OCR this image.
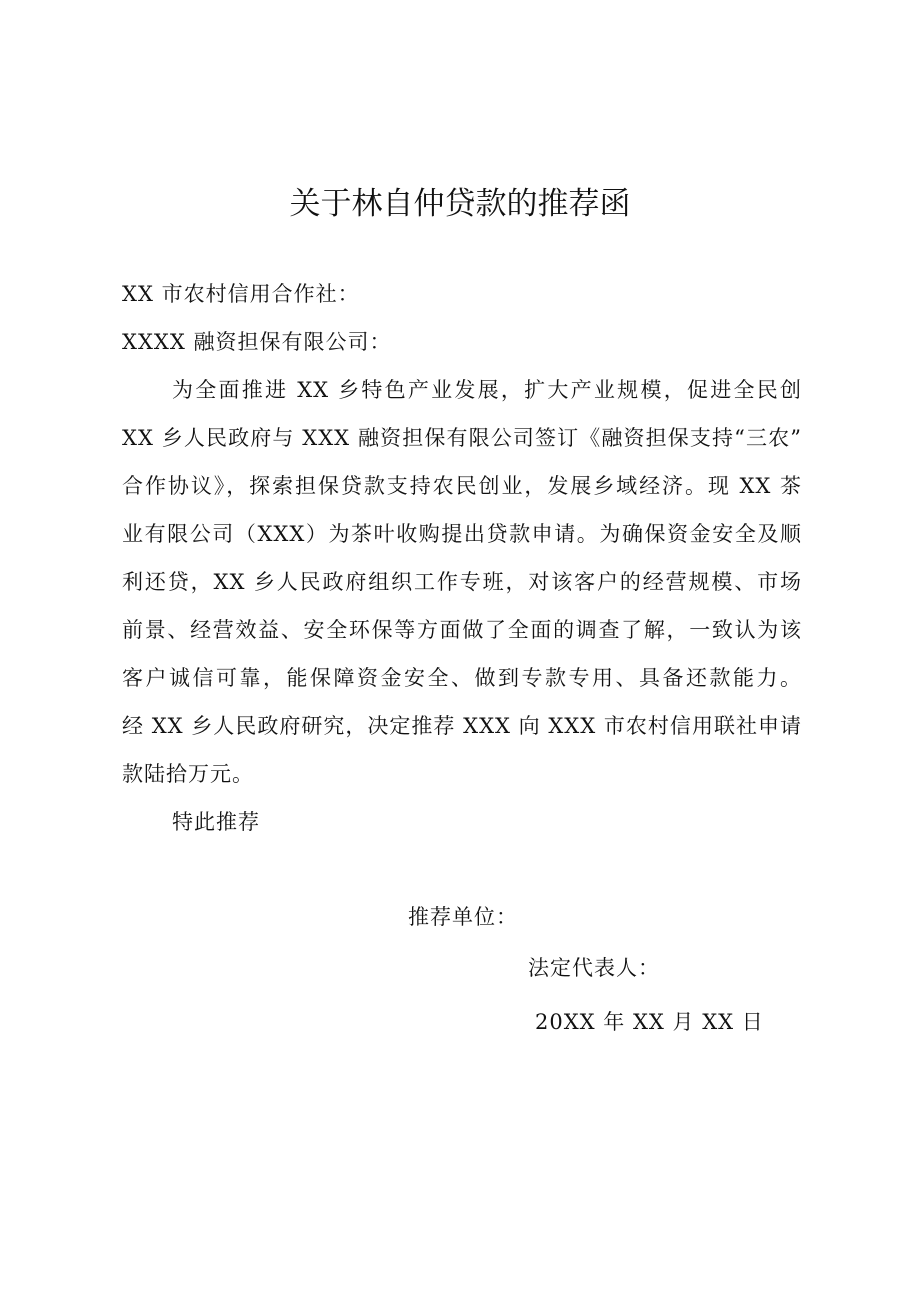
关于林自仲贷款的推荐函
XX 市农村信用合作社：
XXXX 融资担保有限公司：
为全面推进 XX 乡特色产业发展，扩大产业规模，促进全民创
XX 乡人民政府与 XXX 融资担保有限公司签订《融资担保支持“三农”
合作协议》，探索担保贷款支持农民创业，发展乡域经济。现 XX 茶
业有限公司（XXX）为茶叶收购提出贷款申请。为确保资金安全及顺
利还贷，XX 乡人民政府组织工作专班，对该客户的经营规模、市场
前景、经营效益、安全环保等方面做了全面的调查了解，一致认为该
客户诚信可靠，能保障资金安全、做到专款专用、具备还款能力。
经 XX 乡人民政府研究，决定推荐 XXX 向 XXX 市农村信用联社申请
款陆拾万元。
特此推荐
推荐单位：
法定代表人：
20XX 年 XX 月 XX 日
